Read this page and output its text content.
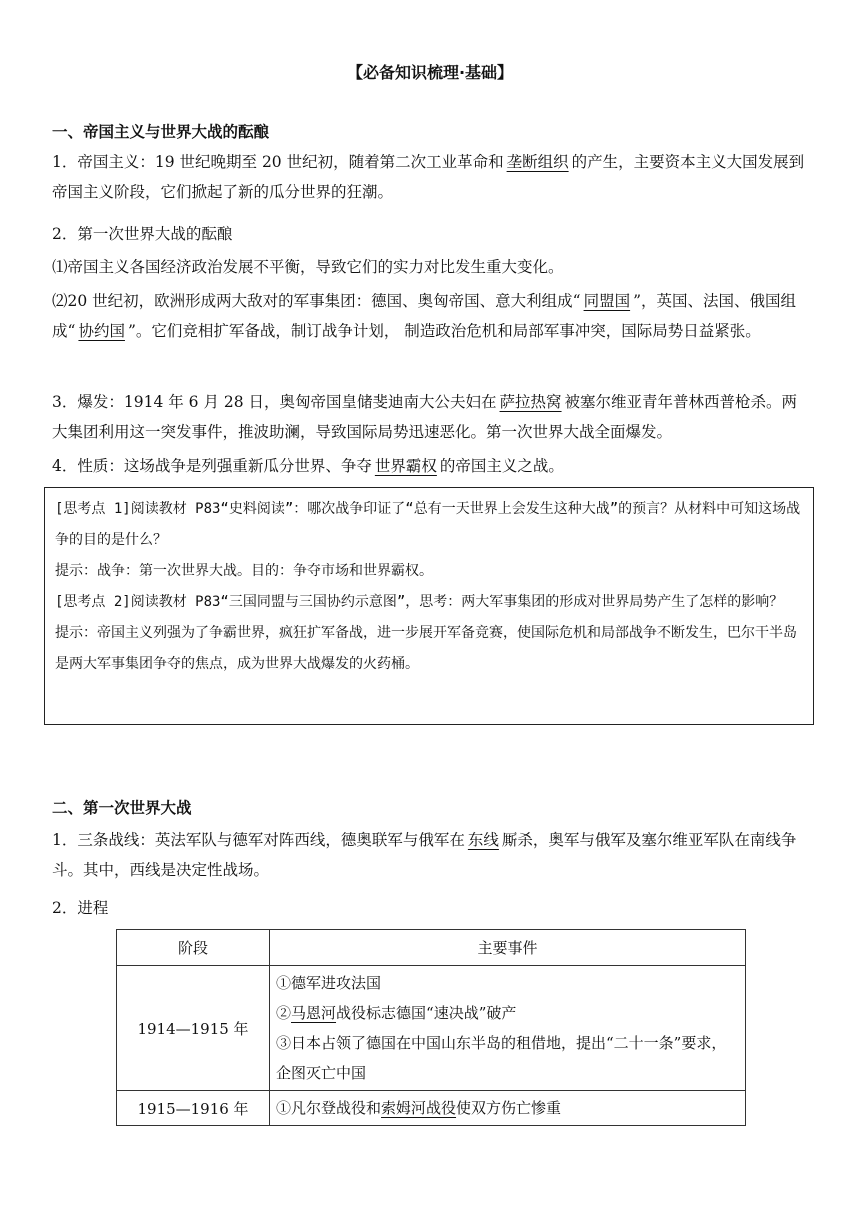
【必备知识梳理·基础】
一、帝国主义与世界大战的酝酿
1．帝国主义：19 世纪晚期至 20 世纪初，随着第二次工业革命和 垄断组织 的产生，主要资本主义大国发展到帝国主义阶段，它们掀起了新的瓜分世界的狂潮。
2．第一次世界大战的酝酿
⑴帝国主义各国经济政治发展不平衡，导致它们的实力对比发生重大变化。
⑵20 世纪初，欧洲形成两大敌对的军事集团：德国、奥匈帝国、意大利组成“ 同盟国 ”，英国、法国、俄国组成“ 协约国 ”。它们竞相扩军备战，制订战争计划， 制造政治危机和局部军事冲突，国际局势日益紧张。
3．爆发：1914 年 6 月 28 日，奥匈帝国皇储斐迪南大公夫妇在 萨拉热窝 被塞尔维亚青年普林西普枪杀。两大集团利用这一突发事件，推波助澜，导致国际局势迅速恶化。第一次世界大战全面爆发。
4．性质：这场战争是列强重新瓜分世界、争夺 世界霸权 的帝国主义之战。
[思考点 1]阅读教材 P83“史料阅读”：哪次战争印证了“总有一天世界上会发生这种大战”的预言？从材料中可知这场战争的目的是什么？
提示：战争：第一次世界大战。目的：争夺市场和世界霸权。
[思考点 2]阅读教材 P83“三国同盟与三国协约示意图”，思考：两大军事集团的形成对世界局势产生了怎样的影响？
提示：帝国主义列强为了争霸世界，疯狂扩军备战，进一步展开军备竞赛，使国际危机和局部战争不断发生，巴尔干半岛是两大军事集团争夺的焦点，成为世界大战爆发的火药桶。
二、第一次世界大战
1．三条战线：英法军队与德军对阵西线，德奥联军与俄军在 东线 厮杀，奥军与俄军及塞尔维亚军队在南线争斗。其中，西线是决定性战场。
2．进程
阶段	主要事件
1914—1915 年	①德军进攻法国
②马恩河战役标志德国“速决战”破产
③日本占领了德国在中国山东半岛的租借地，提出“二十一条”要求，企图灭亡中国

1915—1916 年	①凡尔登战役和索姆河战役使双方伤亡惨重
